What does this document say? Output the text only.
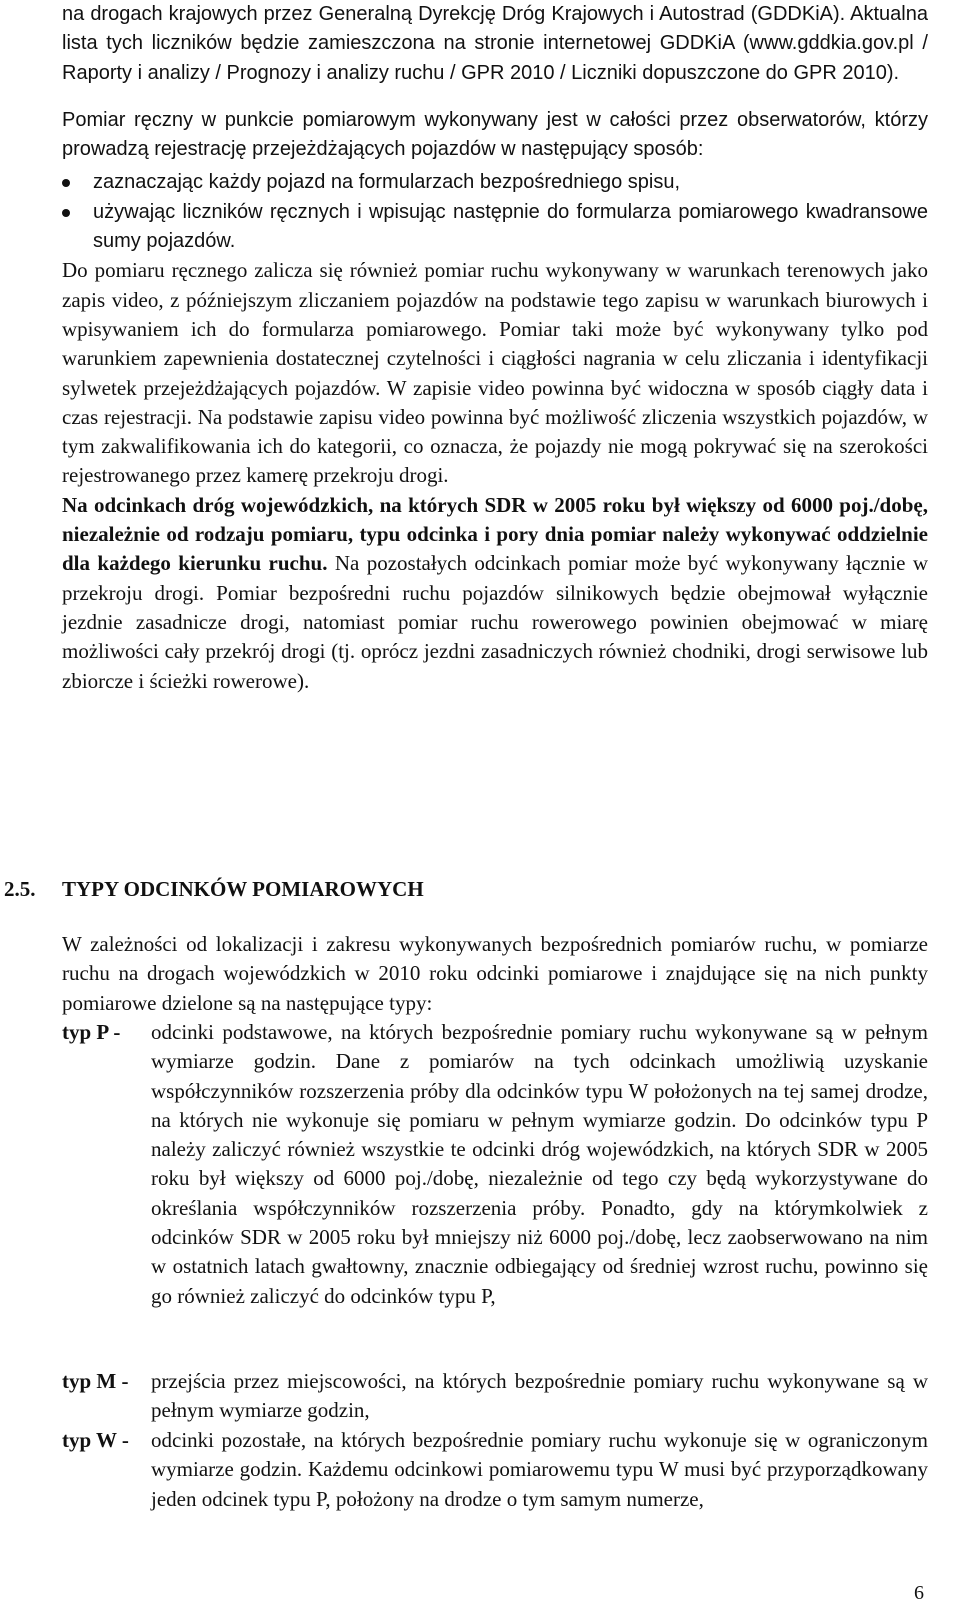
na drogach krajowych przez Generalną Dyrekcję Dróg Krajowych i Autostrad (GDDKiA). Aktualna lista tych liczników będzie zamieszczona na stronie internetowej GDDKiA (www.gddkia.gov.pl / Raporty i analizy / Prognozy i analizy ruchu / GPR 2010 / Liczniki dopuszczone do GPR 2010).

Pomiar ręczny w punkcie pomiarowym wykonywany jest w całości przez obserwatorów, którzy prowadzą rejestrację przejeżdżających pojazdów w następujący sposób:

zaznaczając każdy pojazd na formularzach bezpośredniego spisu,
używając liczników ręcznych i wpisując następnie do formularza pomiarowego kwadransowe sumy pojazdów.

Do pomiaru ręcznego zalicza się również pomiar ruchu wykonywany w warunkach terenowych jako zapis video, z późniejszym zliczaniem pojazdów na podstawie tego zapisu w warunkach biurowych i wpisywaniem ich do formularza pomiarowego. Pomiar taki może być wykonywany tylko pod warunkiem zapewnienia dostatecznej czytelności i ciągłości nagrania w celu zliczania i identyfikacji sylwetek przejeżdżających pojazdów. W zapisie video powinna być widoczna w sposób ciągły data i czas rejestracji. Na podstawie zapisu video powinna być możliwość zliczenia wszystkich pojazdów, w tym zakwalifikowania ich do kategorii, co oznacza, że pojazdy nie mogą pokrywać się na szerokości rejestrowanego przez kamerę przekroju drogi.
Na odcinkach dróg wojewódzkich, na których SDR w 2005 roku był większy od 6000 poj./dobę, niezależnie od rodzaju pomiaru, typu odcinka i pory dnia pomiar należy wykonywać oddzielnie dla każdego kierunku ruchu. Na pozostałych odcinkach pomiar może być wykonywany łącznie w przekroju drogi. Pomiar bezpośredni ruchu pojazdów silnikowych będzie obejmował wyłącznie jezdnie zasadnicze drogi, natomiast pomiar ruchu rowerowego powinien obejmować w miarę możliwości cały przekrój drogi (tj. oprócz jezdni zasadniczych również chodniki, drogi serwisowe lub zbiorcze i ścieżki rowerowe).

2.5. TYPY ODCINKÓW POMIAROWYCH

W zależności od lokalizacji i zakresu wykonywanych bezpośrednich pomiarów ruchu, w pomiarze ruchu na drogach wojewódzkich w 2010 roku odcinki pomiarowe i znajdujące się na nich punkty pomiarowe dzielone są na następujące typy:

typ P - odcinki podstawowe, na których bezpośrednie pomiary ruchu wykonywane są w pełnym wymiarze godzin. Dane z pomiarów na tych odcinkach umożliwią uzyskanie współczynników rozszerzenia próby dla odcinków typu W położonych na tej samej drodze, na których nie wykonuje się pomiaru w pełnym wymiarze godzin. Do odcinków typu P należy zaliczyć również wszystkie te odcinki dróg wojewódzkich, na których SDR w 2005 roku był większy od 6000 poj./dobę, niezależnie od tego czy będą wykorzystywane do określania współczynników rozszerzenia próby. Ponadto, gdy na którymkolwiek z odcinków SDR w 2005 roku był mniejszy niż 6000 poj./dobę, lecz zaobserwowano na nim w ostatnich latach gwałtowny, znacznie odbiegający od średniej wzrost ruchu, powinno się go również zaliczyć do odcinków typu P,

typ M - przejścia przez miejscowości, na których bezpośrednie pomiary ruchu wykonywane są w pełnym wymiarze godzin,

typ W - odcinki pozostałe, na których bezpośrednie pomiary ruchu wykonuje się w ograniczonym wymiarze godzin. Każdemu odcinkowi pomiarowemu typu W musi być przyporządkowany jeden odcinek typu P, położony na drodze o tym samym numerze,

6
